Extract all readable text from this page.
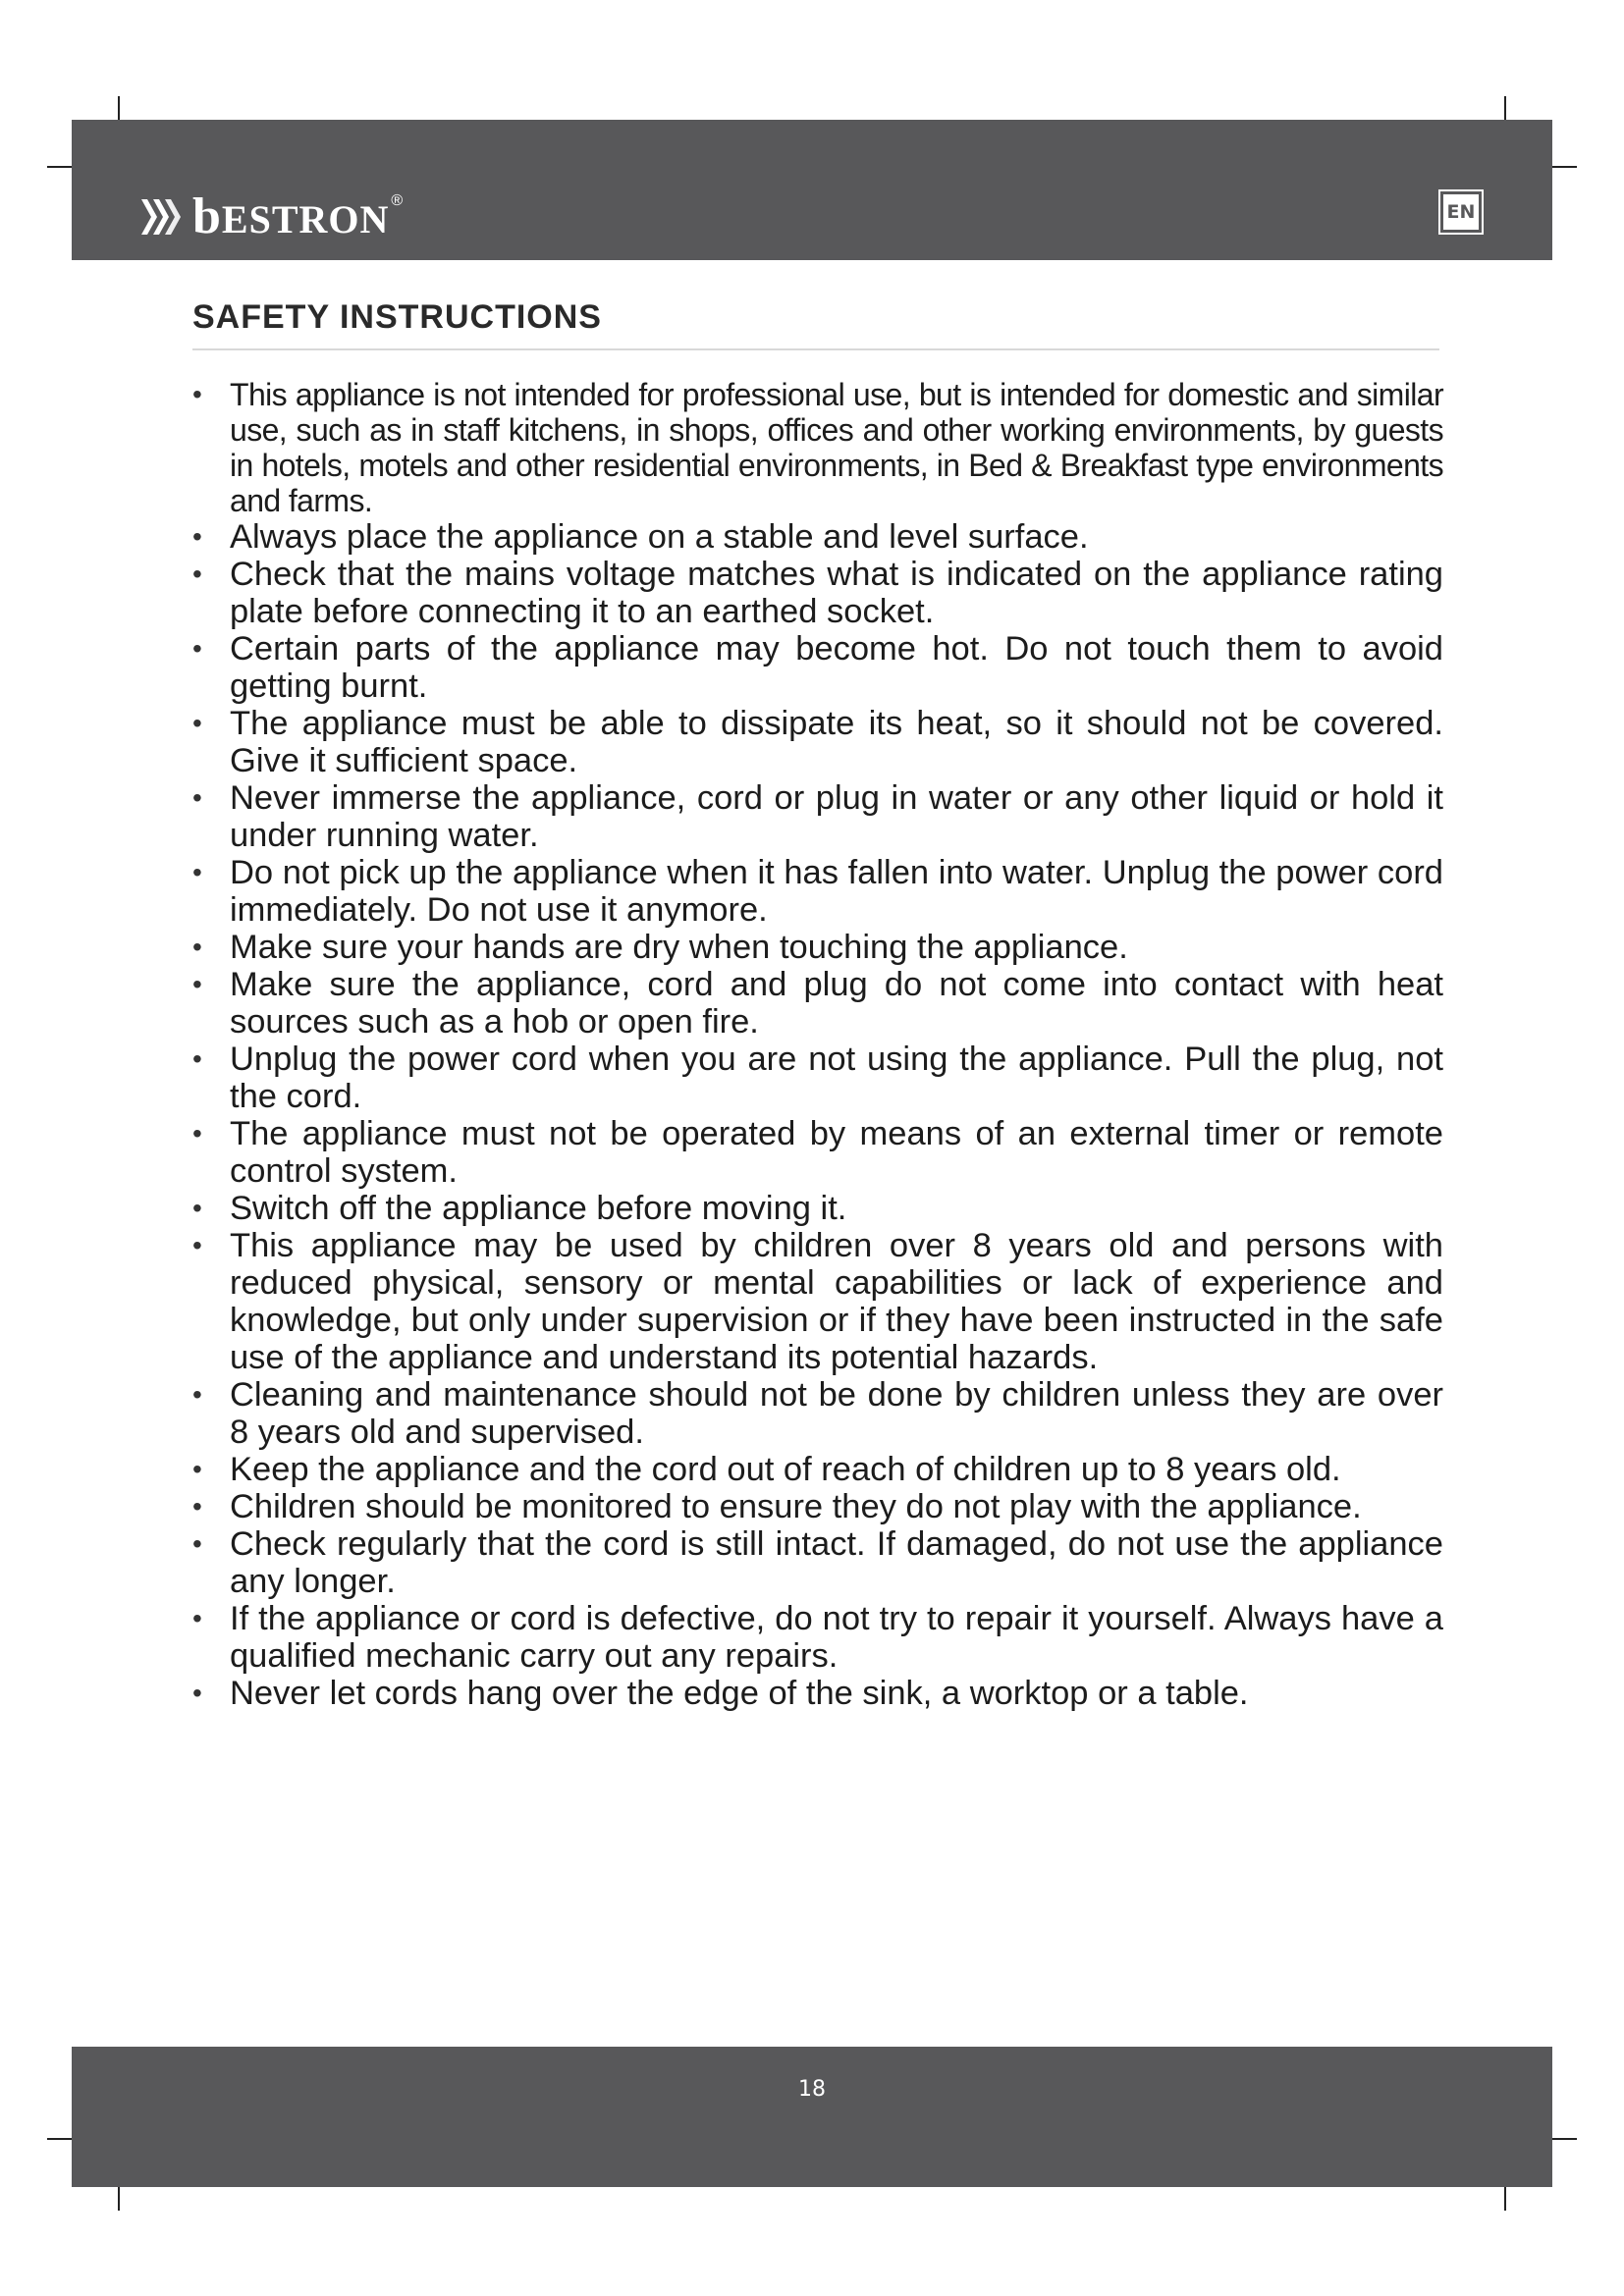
bESTRON ®
EN
SAFETY INSTRUCTIONS
• This appliance is not intended for professional use, but is intended for domestic and similar use, such as in staff kitchens, in shops, offices and other working environments, by guests in hotels, motels and other residential environments, in Bed & Breakfast type environments and farms.
• Always place the appliance on a stable and level surface.
• Check that the mains voltage matches what is indicated on the appliance rating plate before connecting it to an earthed socket.
• Certain parts of the appliance may become hot. Do not touch them to avoid getting burnt.
• The appliance must be able to dissipate its heat, so it should not be covered. Give it sufficient space.
• Never immerse the appliance, cord or plug in water or any other liquid or hold it under running water.
• Do not pick up the appliance when it has fallen into water. Unplug the power cord immediately. Do not use it anymore.
• Make sure your hands are dry when touching the appliance.
• Make sure the appliance, cord and plug do not come into contact with heat sources such as a hob or open fire.
• Unplug the power cord when you are not using the appliance. Pull the plug, not the cord.
• The appliance must not be operated by means of an external timer or remote control system.
• Switch off the appliance before moving it.
• This appliance may be used by children over 8 years old and persons with reduced physical, sensory or mental capabilities or lack of experience and knowledge, but only under supervision or if they have been instructed in the safe use of the appliance and understand its potential hazards.
• Cleaning and maintenance should not be done by children unless they are over 8 years old and supervised.
• Keep the appliance and the cord out of reach of children up to 8 years old.
• Children should be monitored to ensure they do not play with the appliance.
• Check regularly that the cord is still intact. If damaged, do not use the appliance any longer.
• If the appliance or cord is defective, do not try to repair it yourself. Always have a qualified mechanic carry out any repairs.
• Never let cords hang over the edge of the sink, a worktop or a table.
18
